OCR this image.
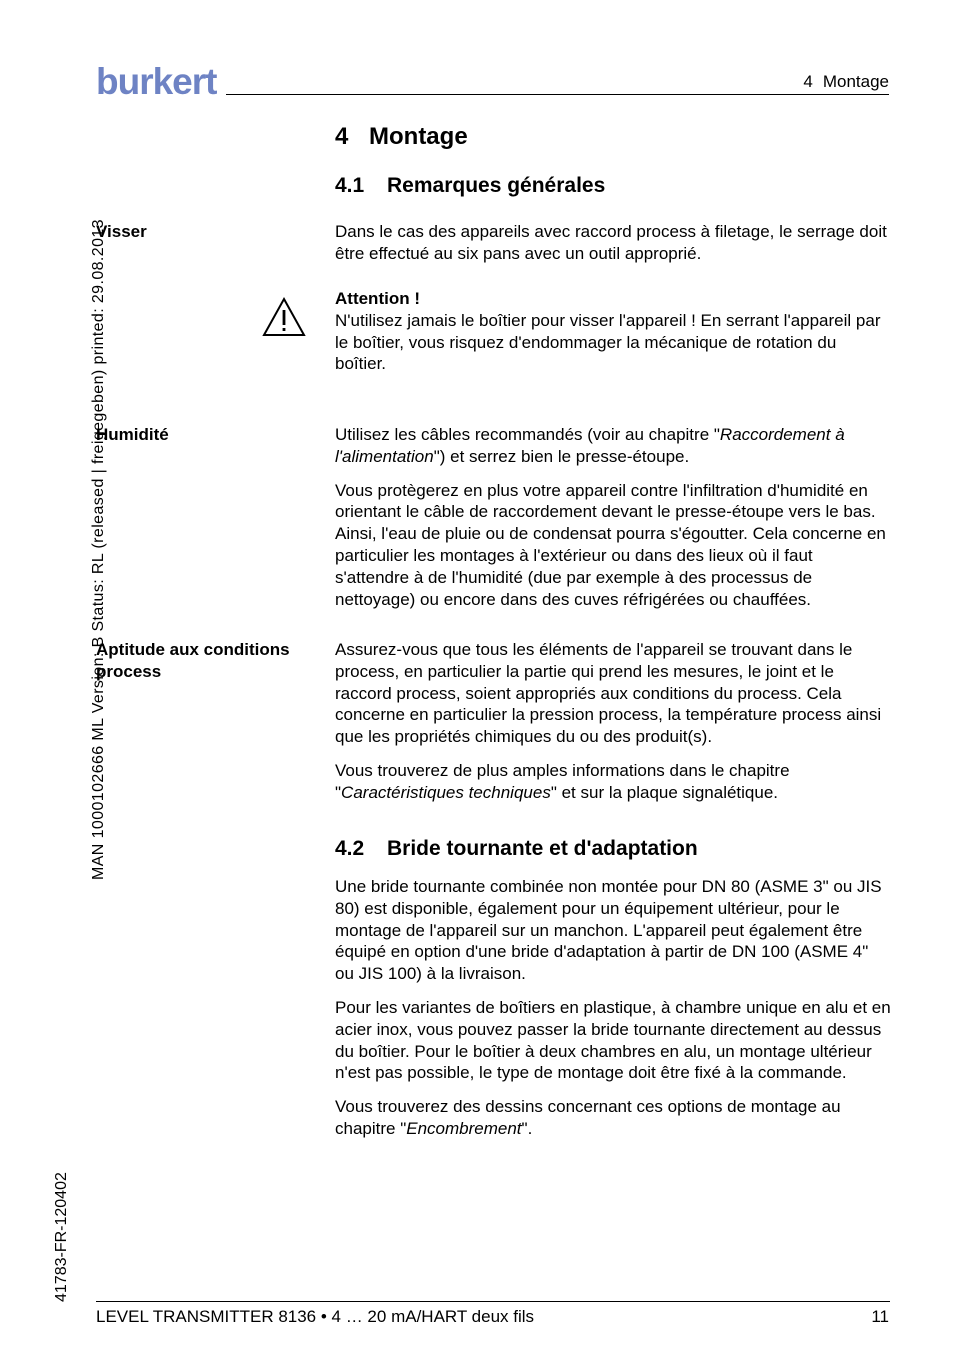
burkert	4 Montage
MAN 1000102666 ML Version: B Status: RL (released | freigegeben) printed: 29.08.2013
41783-FR-120402
4 Montage
4.1 Remarques générales
Visser	Dans le cas des appareils avec raccord process à filetage, le serrage doit être effectué au six pans avec un outil approprié.

Attention !

N'utilisez jamais le boîtier pour visser l'appareil ! En serrant l'appareil par le boîtier, vous risquez d'endommager la mécanique de rotation du boîtier.

Humidité	Utilisez les câbles recommandés (voir au chapitre "Raccordement à l'alimentation") et serrez bien le presse-étoupe.

Vous protègerez en plus votre appareil contre l'infiltration d'humidité en orientant le câble de raccordement devant le presse-étoupe vers le bas. Ainsi, l'eau de pluie ou de condensat pourra s'égoutter. Cela concerne en particulier les montages à l'extérieur ou dans des lieux où il faut s'attendre à de l'humidité (due par exemple à des processus de nettoyage) ou encore dans des cuves réfrigérées ou chauffées.

Aptitude aux conditions process

Assurez-vous que tous les éléments de l'appareil se trouvant dans le process, en particulier la partie qui prend les mesures, le joint et le raccord process, soient appropriés aux conditions du process. Cela concerne en particulier la pression process, la température process ainsi que les propriétés chimiques du ou des produit(s).

Vous trouverez de plus amples informations dans le chapitre "Caractéristiques techniques" et sur la plaque signalétique.

4.2 Bride tournante et d'adaptation

Une bride tournante combinée non montée pour DN 80 (ASME 3" ou JIS 80) est disponible, également pour un équipement ultérieur, pour le montage de l'appareil sur un manchon. L'appareil peut également être équipé en option d'une bride d'adaptation à partir de DN 100 (ASME 4" ou JIS 100) à la livraison.

Pour les variantes de boîtiers en plastique, à chambre unique en alu et en acier inox, vous pouvez passer la bride tournante directement au dessus du boîtier. Pour le boîtier à deux chambres en alu, un montage ultérieur n'est pas possible, le type de montage doit être fixé à la commande.

Vous trouverez des dessins concernant ces options de montage au chapitre "Encombrement".

LEVEL TRANSMITTER 8136 • 4 … 20 mA/HART deux fils	11
